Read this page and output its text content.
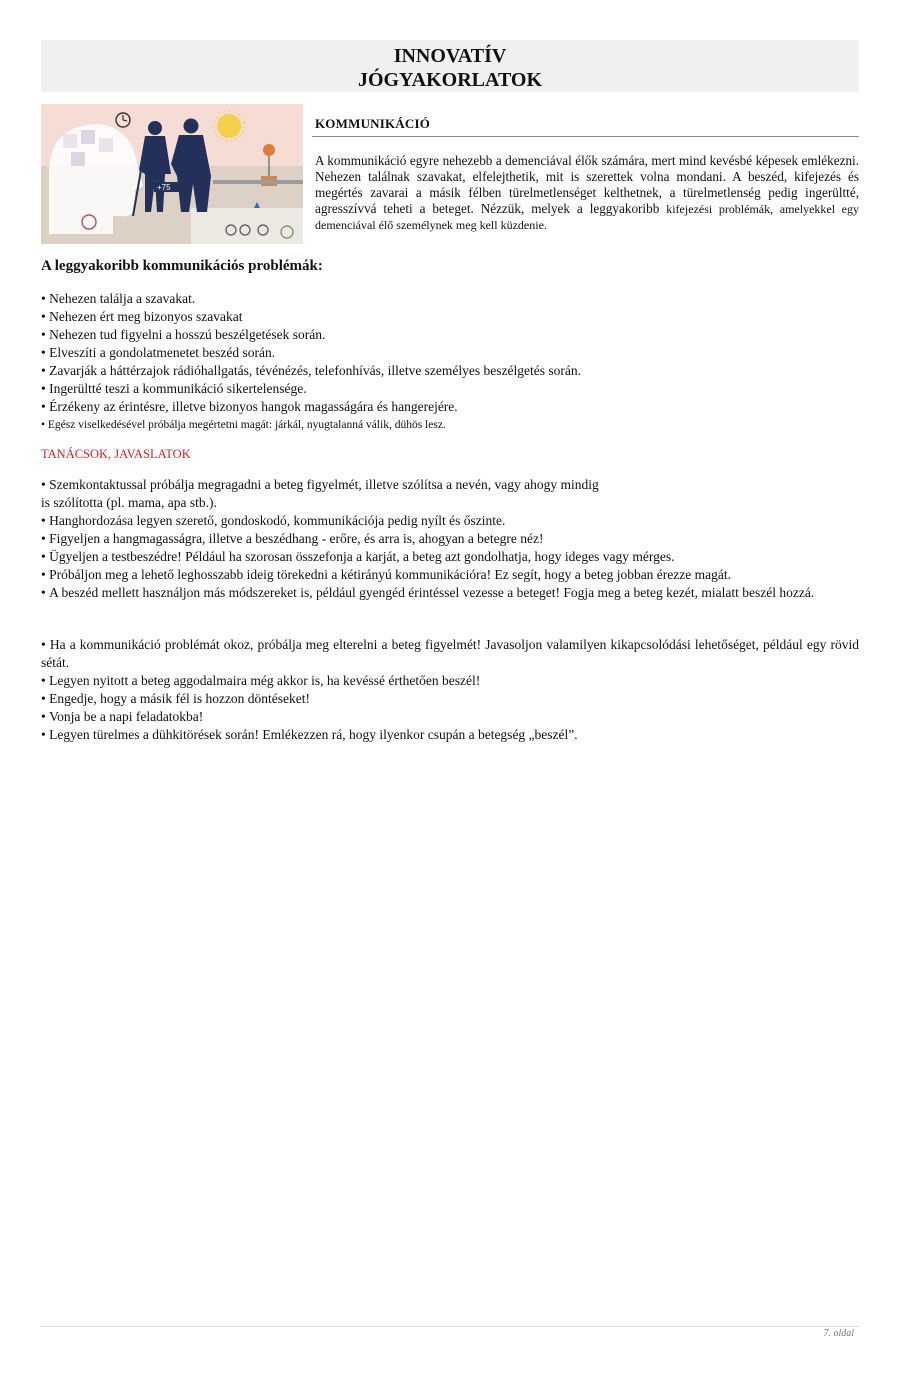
INNOVATÍV
JÓGYAKORLATOK
+75
KOMMUNIKÁCIÓ

A kommunikáció egyre nehezebb a demenciával élők számára, mert mind kevésbé képesek emlékezni. Nehezen találnak szavakat, elfelejthetik, mit is szerettek volna mondani. A beszéd, kifejezés és megértés zavarai a másik félben türelmetlenséget kelthetnek, a türelmetlenség pedig ingerültté, agresszívvá teheti a beteget. Nézzük, melyek a leggyakoribb kifejezési problémák, amelyekkel egy demenciával élő személynek meg kell küzdenie.

A leggyakoribb kommunikációs problémák:
• Nehezen találja a szavakat.
• Nehezen ért meg bizonyos szavakat
• Nehezen tud figyelni a hosszú beszélgetések során.
• Elveszíti a gondolatmenetet beszéd során.
• Zavarják a háttérzajok rádióhallgatás, tévénézés, telefonhívás, illetve személyes beszélgetés során.
• Ingerültté teszi a kommunikáció sikertelensége.
• Érzékeny az érintésre, illetve bizonyos hangok magasságára és hangerejére.
• Egész viselkedésével próbálja megértetni magát: járkál, nyugtalanná válik, dühös lesz.
TANÁCSOK, JAVASLATOK
• Szemkontaktussal próbálja megragadni a beteg figyelmét, illetve szólítsa a nevén, vagy ahogy mindig
is szólította (pl. mama, apa stb.).
• Hanghordozása legyen szerető, gondoskodó, kommunikációja pedig nyílt és őszinte.
• Figyeljen a hangmagasságra, illetve a beszédhang - erőre, és arra is, ahogyan a betegre néz!
• Ügyeljen a testbeszédre! Például ha szorosan összefonja a karját, a beteg azt gondolhatja, hogy ideges vagy mérges.
• Próbáljon meg a lehető leghosszabb ideig törekedni a kétirányú kommunikációra! Ez segít, hogy a beteg jobban érezze magát.
• A beszéd mellett használjon más módszereket is, például gyengéd érintéssel vezesse a beteget! Fogja meg a beteg kezét, mialatt beszél hozzá.
• Ha a kommunikáció problémát okoz, próbálja meg elterelni a beteg figyelmét! Javasoljon valamilyen kikapcsolódási lehetőséget, például egy rövid sétát.
• Legyen nyitott a beteg aggodalmaira még akkor is, ha kevéssé érthetően beszél!
• Engedje, hogy a másik fél is hozzon döntéseket!
• Vonja be a napi feladatokba!
• Legyen türelmes a dühkitörések során! Emlékezzen rá, hogy ilyenkor csupán a betegség „beszél”.
7. oldal
